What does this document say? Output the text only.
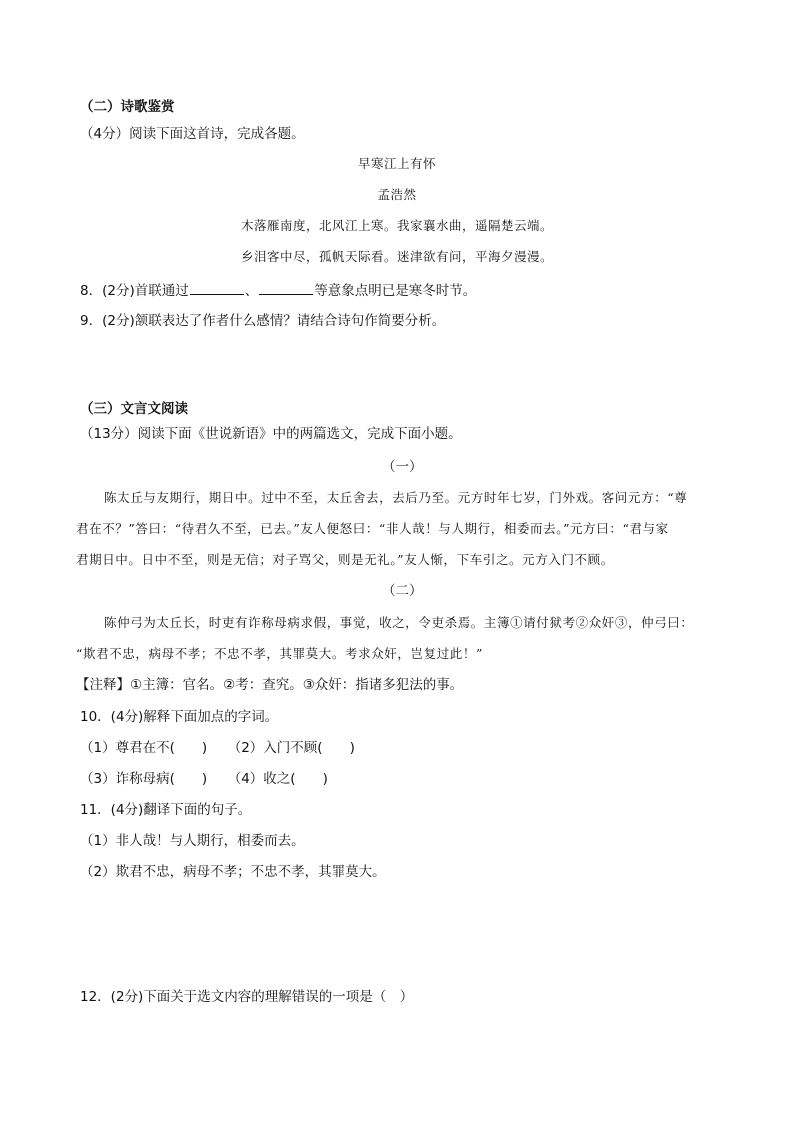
（二）诗歌鉴赏
（4分）阅读下面这首诗，完成各题。
早寒江上有怀
孟浩然
木落雁南度，北风江上寒。我家襄水曲，遥隔楚云端。
乡泪客中尽，孤帆天际看。迷津欲有问，平海夕漫漫。
8．(2分)首联通过	、	等意象点明已是寒冬时节。
9．(2分)颔联表达了作者什么感情？请结合诗句作简要分析。
（三）文言文阅读
（13分）阅读下面《世说新语》中的两篇选文，完成下面小题。
（一）
陈太丘与友期行，期日中。过中不至，太丘舍去，去后乃至。元方时年七岁，门外戏。客问元方：“尊
君在不？”答曰：“待君久不至，已去。”友人便怒曰：“非人哉！与人期行，相委而去。”元方曰：“君与家
君期日中。日中不至，则是无信；对子骂父，则是无礼。”友人惭，下车引之。元方入门不顾。
（二）
陈仲弓为太丘长，时吏有诈称母病求假，事觉，收之，令吏杀焉。主簿①请付狱考②众奸③，仲弓曰：
“欺君不忠，病母不孝；不忠不孝，其罪莫大。考求众奸，岂复过此！”
【注释】①主簿：官名。②考：查究。③众奸：指诸多犯法的事。
10．(4分)解释下面加点的字词。
（1）尊君在不(　　) （2）入门不顾(　　)
（3）诈称母病(　　) （4）收之(　　)
11．(4分)翻译下面的句子。
（1）非人哉！与人期行，相委而去。
（2）欺君不忠，病母不孝；不忠不孝，其罪莫大。
12．(2分)下面关于选文内容的理解错误的一项是（　）
